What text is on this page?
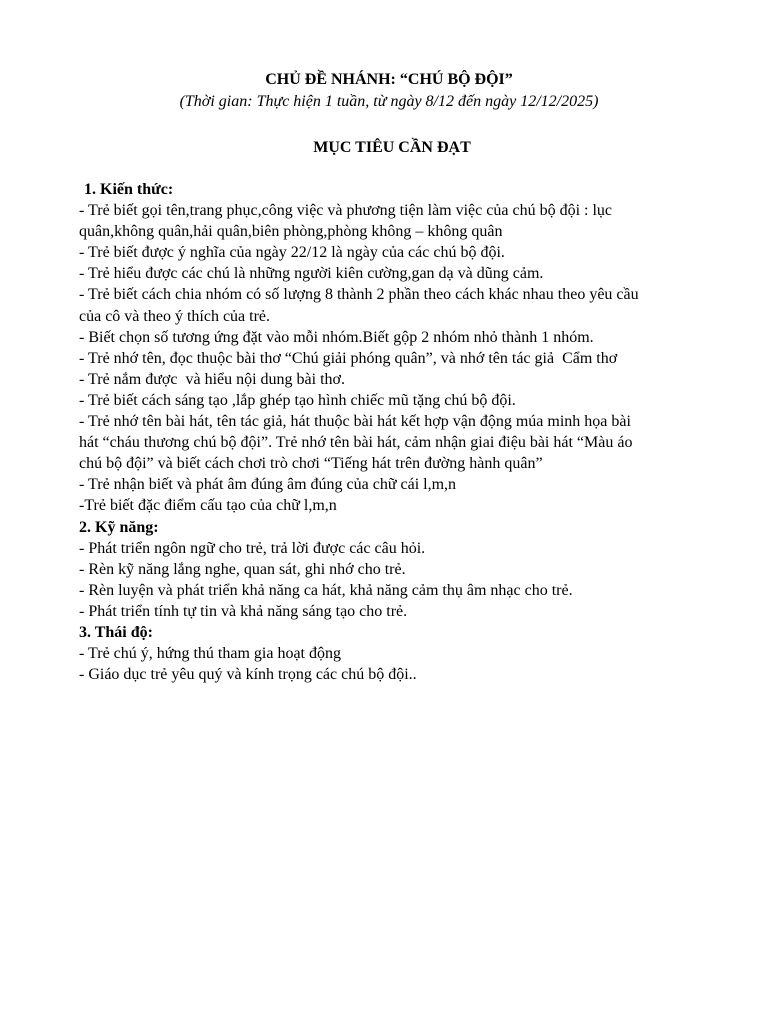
CHỦ ĐỀ NHÁNH: “CHÚ BỘ ĐỘI”

(Thời gian: Thực hiện 1 tuần, từ ngày 8/12 đến ngày 12/12/2025)

MỤC TIÊU CẦN ĐẠT

1. Kiến thức:

- Trẻ biết gọi tên,trang phục,công việc và phương tiện làm việc của chú bộ đội : lục

quân,không quân,hải quân,biên phòng,phòng không – không quân

- Trẻ biết được ý nghĩa của ngày 22/12 là ngày của các chú bộ đội.

- Trẻ hiểu được các chú là những người kiên cường,gan dạ và dũng cảm.

- Trẻ biết cách chia nhóm có số lượng 8 thành 2 phần theo cách khác nhau theo yêu cầu

của cô và theo ý thích của trẻ.

- Biết chọn số tương ứng đặt vào mỗi nhóm.Biết gộp 2 nhóm nhỏ thành 1 nhóm.

- Trẻ nhớ tên, đọc thuộc bài thơ “Chú giải phóng quân”, và nhớ tên tác giả  Cẩm thơ

- Trẻ nắm được  và hiểu nội dung bài thơ.

- Trẻ biết cách sáng tạo ,lắp ghép tạo hình chiếc mũ tặng chú bộ đội.

- Trẻ nhớ tên bài hát, tên tác giả, hát thuộc bài hát kết hợp vận động múa minh họa bài

hát “cháu thương chú bộ đội”. Trẻ nhớ tên bài hát, cảm nhận giai điệu bài hát “Màu áo

chú bộ đội” và biết cách chơi trò chơi “Tiếng hát trên đường hành quân”

- Trẻ nhận biết và phát âm đúng âm đúng của chữ cái l,m,n

-Trẻ biết đặc điểm cấu tạo của chữ l,m,n

2. Kỹ năng:

- Phát triển ngôn ngữ cho trẻ, trả lời được các câu hỏi.

- Rèn kỹ năng lắng nghe, quan sát, ghi nhớ cho trẻ.

- Rèn luyện và phát triển khả năng ca hát, khả năng cảm thụ âm nhạc cho trẻ.

- Phát triển tính tự tin và khả năng sáng tạo cho trẻ.

3. Thái độ:

- Trẻ chú ý, hứng thú tham gia hoạt động

- Giáo dục trẻ yêu quý và kính trọng các chú bộ đội..
